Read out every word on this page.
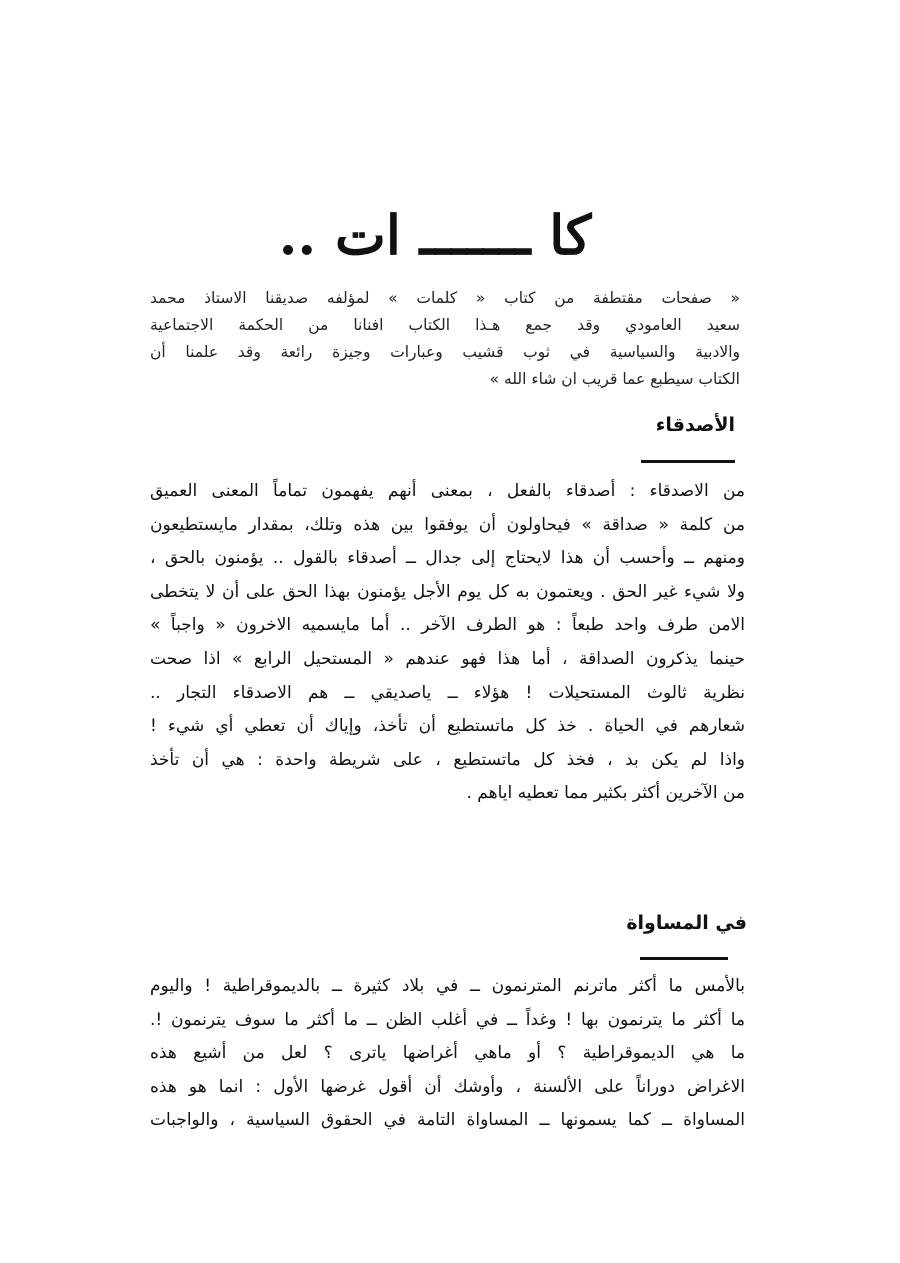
كا ـــــــ ات ..
« صفحات مقتطفة من كتاب « كلمات » لمؤلفه صديقنا الاستاذ محمد
سعيد العامودي وقد جمع هـذا الكتاب افنانا من الحكمة الاجتماعية
والادبية والسياسية في ثوب قشيب وعبارات وجيزة رائعة وقد علمنا أن
الكتاب سيطبع عما قريب ان شاء الله »
الأصدقاء
من الاصدقاء : أصدقاء بالفعل ، بمعنى أنهم يفهمون تماماً المعنى العميق
من كلمة « صداقة » فيحاولون أن يوفقوا بين هذه وتلك، بمقدار مايستطيعون
ومنهم ــ وأحسب أن هذا لايحتاج إلى جدال ــ أصدقاء بالقول .. يؤمنون بالحق ،
ولا شيء غير الحق . ويعتمون به كل يوم الأجل يؤمنون بهذا الحق على أن لا يتخطى
الامن طرف واحد طبعاً : هو الطرف الآخر .. أما مايسميه الاخرون « واجباً »
حينما يذكرون الصداقة ، أما هذا فهو عندهم « المستحيل الرابع » اذا صحت
نظرية ثالوث المستحيلات ! هؤلاء ــ ياصديقي ــ هم الاصدقاء التجار ..
شعارهم في الحياة . خذ كل ماتستطيع أن تأخذ، وإياك أن تعطي أي شيء !
واذا لم يكن بد ، فخذ كل ماتستطيع ، على شريطة واحدة : هي أن تأخذ
من الآخرين أكثر بكثير مما تعطيه اياهم .
في المساواة
بالأمس ما أكثر ماترنم المترنمون ــ في بلاد كثيرة ــ بالديموقراطية ! واليوم
ما أكثر ما يترنمون بها ! وغداً ــ في أغلب الظن ــ ما أكثر ما سوف يترنمون !.
ما هي الديموقراطية ؟ أو ماهي أغراضها ياترى ؟ لعل من أشيع هذه
الاغراض دوراناً على الألسنة ، وأوشك أن أقول غرضها الأول : انما هو هذه
المساواة ــ كما يسمونها ــ المساواة التامة في الحقوق السياسية ، والواجبات
